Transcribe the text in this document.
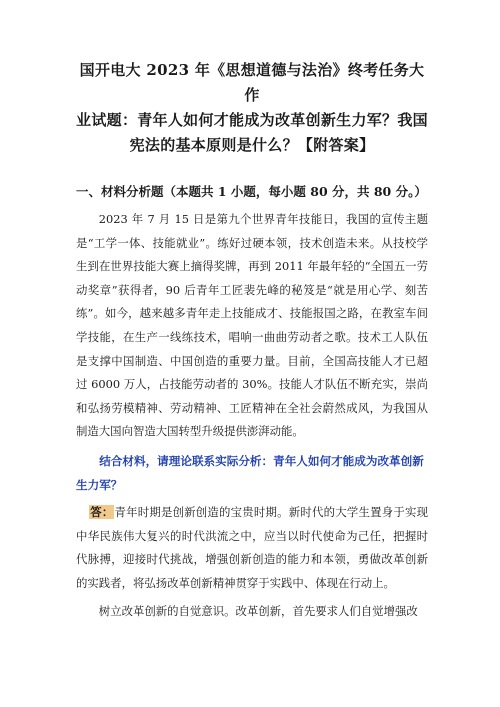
国开电大 2023 年《思想道德与法治》终考任务大作
业试题：青年人如何才能成为改革创新生力军？我国
宪法的基本原则是什么？【附答案】

一、材料分析题（本题共 1 小题，每小题 80 分，共 80 分。）

2023 年 7 月 15 日是第九个世界青年技能日，我国的宣传主题是“工学一体、技能就业”。练好过硬本领，技术创造未来。从技校学生到在世界技能大赛上摘得奖牌，再到 2011 年最年轻的“全国五一劳动奖章”获得者，90 后青年工匠裴先峰的秘笈是“就是用心学、刻苦练”。如今，越来越多青年走上技能成才、技能报国之路，在教室车间学技能，在生产一线练技术，唱响一曲曲劳动者之歌。技术工人队伍是支撑中国制造、中国创造的重要力量。目前，全国高技能人才已超过 6000 万人，占技能劳动者的 30%。技能人才队伍不断充实，崇尚和弘扬劳模精神、劳动精神、工匠精神在全社会蔚然成风，为我国从制造大国向智造大国转型升级提供澎湃动能。

结合材料，请理论联系实际分析：青年人如何才能成为改革创新生力军？

答：青年时期是创新创造的宝贵时期。新时代的大学生置身于实现中华民族伟大复兴的时代洪流之中，应当以时代使命为己任，把握时代脉搏，迎接时代挑战，增强创新创造的能力和本领，勇做改革创新的实践者，将弘扬改革创新精神贯穿于实践中、体现在行动上。

树立改革创新的自觉意识。改革创新，首先要求人们自觉增强改
